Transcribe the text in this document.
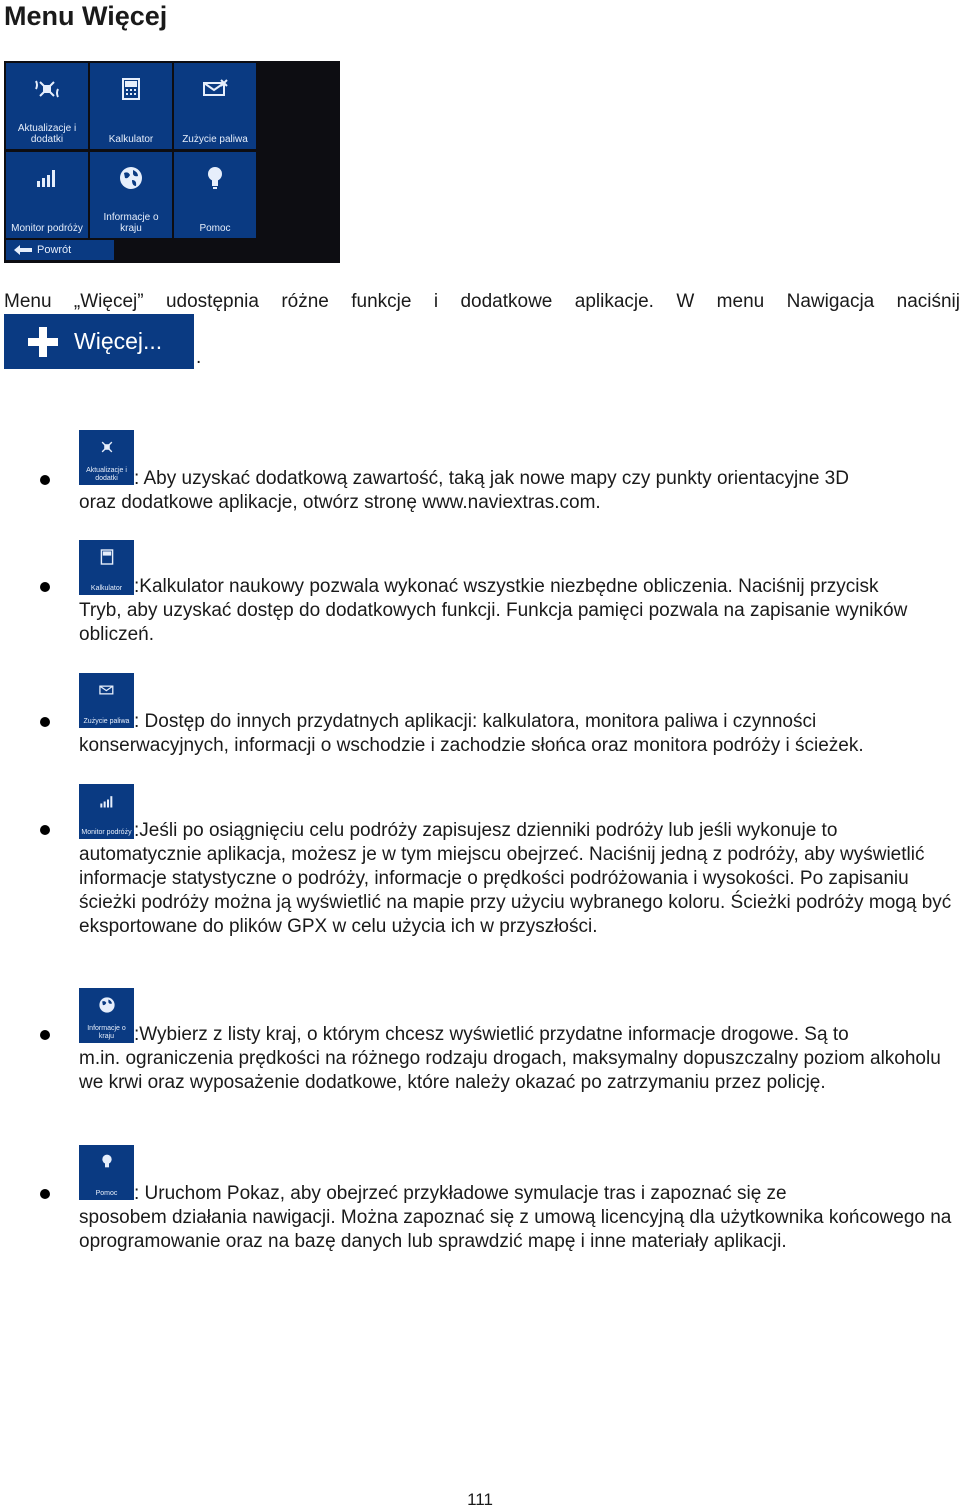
Menu Więcej
Aktualizacje i dodatki	Kalkulator	Zużycie paliwa
Monitor podróży
Informacje o kraju	Pomoc
Powrót

Menu „Więcej” udostępnia różne funkcje i dodatkowe aplikacje. W menu Nawigacja naciśnij

Więcej...
.
Aktualizacje i dodatki : Aby uzyskać dodatkową zawartość, taką jak nowe mapy czy punkty orientacyjne 3D
oraz dodatkowe aplikacje, otwórz stronę www.naviextras.com.

Kalkulator :Kalkulator naukowy pozwala wykonać wszystkie niezbędne obliczenia. Naciśnij przycisk
Tryb, aby uzyskać dostęp do dodatkowych funkcji. Funkcja pamięci pozwala na zapisanie wyników obliczeń.

Zużycie paliwa : Dostęp do innych przydatnych aplikacji: kalkulatora, monitora paliwa i czynności
konserwacyjnych, informacji o wschodzie i zachodzie słońca oraz monitora podróży i ścieżek.

Monitor podróży :Jeśli po osiągnięciu celu podróży zapisujesz dzienniki podróży lub jeśli wykonuje to
automatycznie aplikacja, możesz je w tym miejscu obejrzeć. Naciśnij jedną z podróży, aby wyświetlić informacje statystyczne o podróży, informacje o prędkości podróżowania i wysokości. Po zapisaniu ścieżki podróży można ją wyświetlić na mapie przy użyciu wybranego koloru. Ścieżki podróży mogą być eksportowane do plików GPX w celu użycia ich w przyszłości.

Informacje o kraju	:Wybierz z listy kraj, o którym chcesz wyświetlić przydatne informacje drogowe. Są to
m.in. ograniczenia prędkości na różnego rodzaju drogach, maksymalny dopuszczalny poziom alkoholu we krwi oraz wyposażenie dodatkowe, które należy okazać po zatrzymaniu przez policję.

Pomoc : Uruchom Pokaz, aby obejrzeć przykładowe symulacje tras i zapoznać się ze
sposobem działania nawigacji. Można zapoznać się z umową licencyjną dla użytkownika końcowego na oprogramowanie oraz na bazę danych lub sprawdzić mapę i inne materiały aplikacji.

111
